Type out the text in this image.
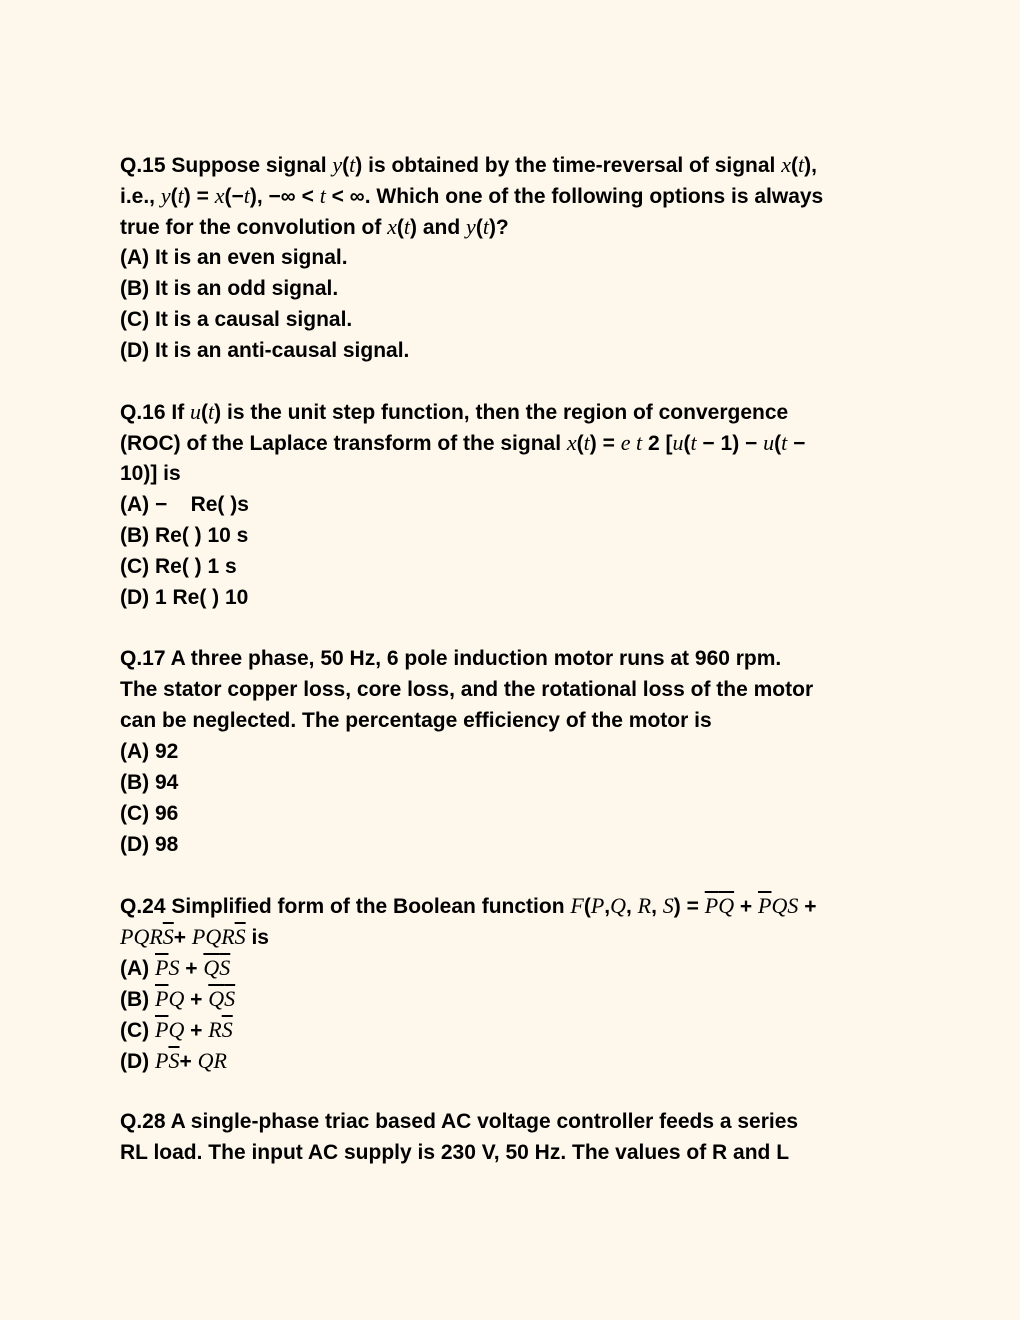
Q.15 Suppose signal y(t) is obtained by the time-reversal of signal x(t),
i.e., y(t) = x(−t), −∞ < t < ∞. Which one of the following options is always
true for the convolution of x(t) and y(t)?
(A) It is an even signal.
(B) It is an odd signal.
(C) It is a causal signal.
(D) It is an anti-causal signal.
Q.16 If u(t) is the unit step function, then the region of convergence
(ROC) of the Laplace transform of the signal x(t) = e t 2 [u(t − 1) − u(t −
10)] is
(A) −    Re( )s
(B) Re( ) 10 s
(C) Re( ) 1 s
(D) 1 Re( ) 10
Q.17 A three phase, 50 Hz, 6 pole induction motor runs at 960 rpm.
The stator copper loss, core loss, and the rotational loss of the motor
can be neglected. The percentage efficiency of the motor is
(A) 92
(B) 94
(C) 96
(D) 98
Q.24 Simplified form of the Boolean function F(P,Q, R, $S) = \overline{P}\overline{Q} + \overline{P}QS$ +
$PQR\overline{S}+ PQR\overline{S}$ is
(A) $\overline{P}S + \overline{Q}\overline{S}$
(B) $\overline{P}Q + \overline{Q}\overline{S}$
(C) $\overline{P}Q + R\overline{S}$
(D) $P\overline{S}+$ QR
Q.28 A single-phase triac based AC voltage controller feeds a series
RL load. The input AC supply is 230 V, 50 Hz. The values of R and L
